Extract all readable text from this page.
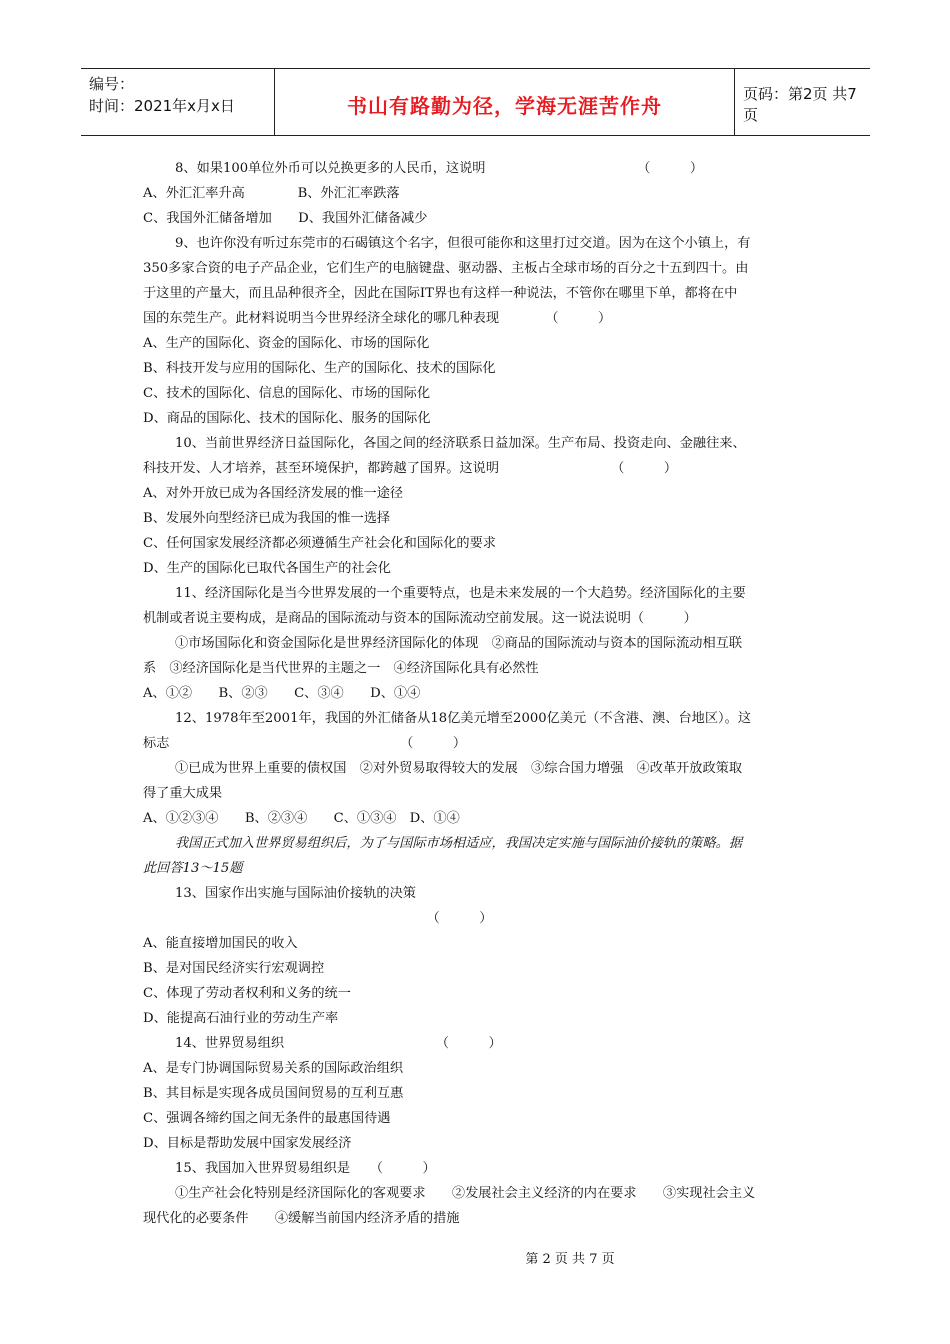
编号：
时间：2021年x月x日	书山有路勤为径，学海无涯苦作舟	页码：第2页 共7页
8、如果100单位外币可以兑换更多的人民币，这说明　　　　　　　　　　　　（　　　）
A、外汇汇率升高　　　　B、外汇汇率跌落
C、我国外汇储备增加　　D、我国外汇储备减少
9、也许你没有听过东莞市的石碣镇这个名字，但很可能你和这里打过交道。因为在这个小镇上，有
350多家合资的电子产品企业，它们生产的电脑键盘、驱动器、主板占全球市场的百分之十五到四十。由
于这里的产量大，而且品种很齐全，因此在国际IT界也有这样一种说法，不管你在哪里下单，都将在中
国的东莞生产。此材料说明当今世界经济全球化的哪几种表现　　　　（　　　）
A、生产的国际化、资金的国际化、市场的国际化
B、科技开发与应用的国际化、生产的国际化、技术的国际化
C、技术的国际化、信息的国际化、市场的国际化
D、商品的国际化、技术的国际化、服务的国际化
10、当前世界经济日益国际化，各国之间的经济联系日益加深。生产布局、投资走向、金融往来、
科技开发、人才培养，甚至环境保护，都跨越了国界。这说明　　　　　　　　　（　　　）
A、对外开放已成为各国经济发展的惟一途径
B、发展外向型经济已成为我国的惟一选择
C、任何国家发展经济都必须遵循生产社会化和国际化的要求
D、生产的国际化已取代各国生产的社会化
11、经济国际化是当今世界发展的一个重要特点，也是未来发展的一个大趋势。经济国际化的主要
机制或者说主要构成，是商品的国际流动与资本的国际流动空前发展。这一说法说明（　　　）
①市场国际化和资金国际化是世界经济国际化的体现　②商品的国际流动与资本的国际流动相互联
系　③经济国际化是当代世界的主题之一　④经济国际化具有必然性
A、①②　　B、②③　　C、③④　　D、①④
12、1978年至2001年，我国的外汇储备从18亿美元增至2000亿美元（不含港、澳、台地区）。这
标志　　　　　　　　　　　　　　　　　　（　　　）
①已成为世界上重要的债权国　②对外贸易取得较大的发展　③综合国力增强　④改革开放政策取
得了重大成果
A、①②③④　　B、②③④　　C、①③④　D、①④
我国正式加入世界贸易组织后，为了与国际市场相适应，我国决定实施与国际油价接轨的策略。据
此回答13～15题
13、国家作出实施与国际油价接轨的决策
　　　　　　　　　　　　　　　　　　　　　　（　　　）
A、能直接增加国民的收入
B、是对国民经济实行宏观调控
C、体现了劳动者权利和义务的统一
D、能提高石油行业的劳动生产率
14、世界贸易组织　　　　　　　　　　　　（　　　）
A、是专门协调国际贸易关系的国际政治组织
B、其目标是实现各成员国间贸易的互利互惠
C、强调各缔约国之间无条件的最惠国待遇
D、目标是帮助发展中国家发展经济
15、我国加入世界贸易组织是　　（　　　）
①生产社会化特别是经济国际化的客观要求　　②发展社会主义经济的内在要求　　③实现社会主义
现代化的必要条件　　④缓解当前国内经济矛盾的措施
第 2 页 共 7 页
